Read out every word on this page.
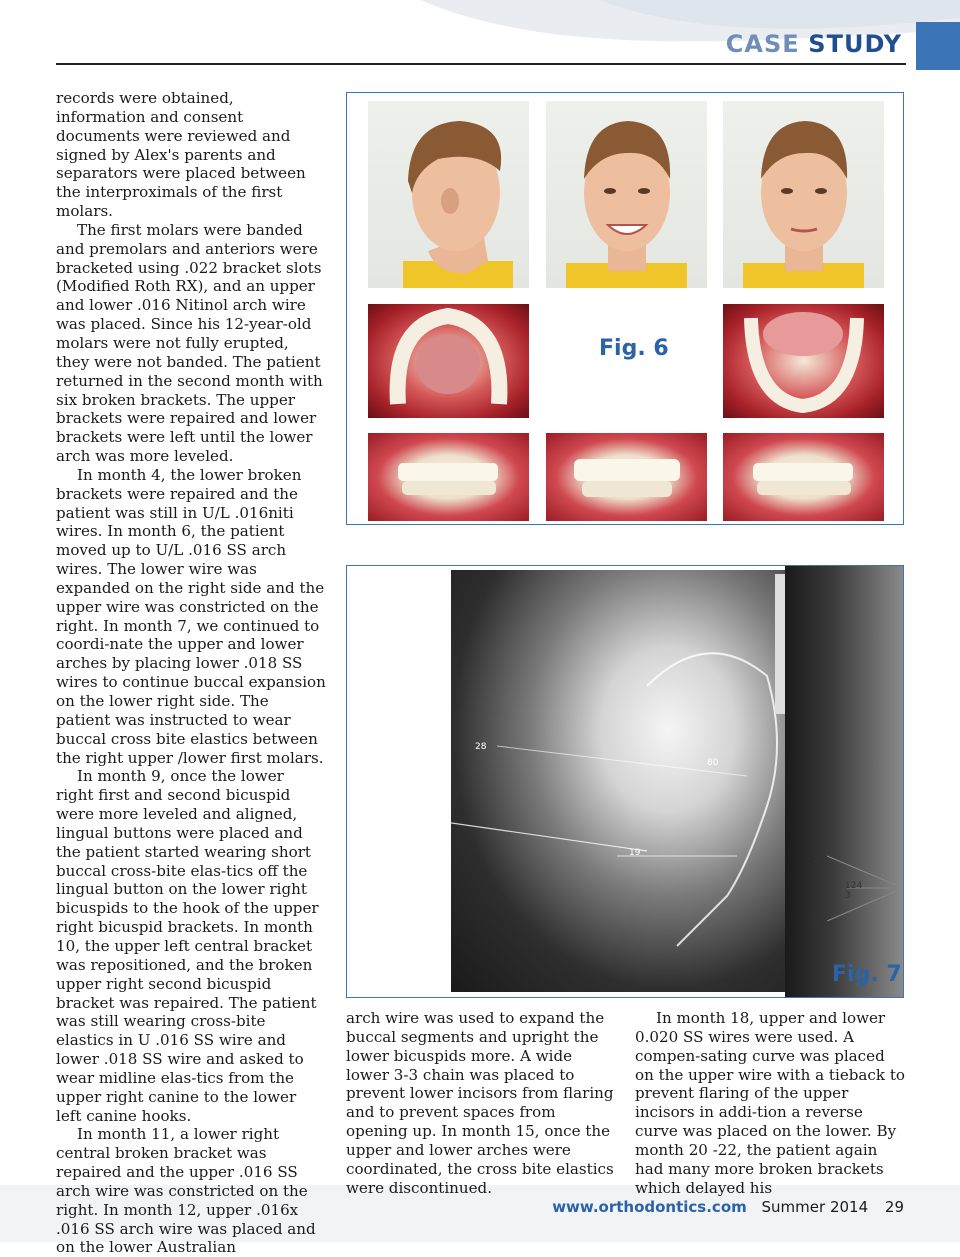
CASE STUDY

records were obtained, information and consent documents were reviewed and signed by Alex's parents and separators were placed between the interproximals of the first molars.

The first molars were banded and premolars and anteriors were bracketed using .022 bracket slots (Modified Roth RX), and an upper and lower .016 Nitinol arch wire was placed. Since his 12-year-old molars were not fully erupted, they were not banded. The patient returned in the second month with six broken brackets. The upper brackets were repaired and lower brackets were left until the lower arch was more leveled.

In month 4, the lower broken brackets were repaired and the patient was still in U/L .016niti wires. In month 6, the patient moved up to U/L .016 SS arch wires. The lower wire was expanded on the right side and the upper wire was constricted on the right. In month 7, we continued to coordi-nate the upper and lower arches by placing lower .018 SS wires to continue buccal expansion on the lower right side. The patient was instructed to wear buccal cross bite elastics between the right upper /lower first molars.

In month 9, once the lower right first and second bicuspid were more leveled and aligned, lingual buttons were placed and the patient started wearing short buccal cross-bite elas-tics off the lingual button on the lower right bicuspids to the hook of the upper right bicuspid brackets. In month 10, the upper left central bracket was repositioned, and the broken upper right second bicuspid bracket was repaired. The patient was still wearing cross-bite elastics in U .016 SS wire and lower .018 SS wire and asked to wear midline elas-tics from the upper right canine to the lower left canine hooks.

In month 11, a lower right central broken bracket was repaired and the upper .016 SS arch wire was constricted on the right. In month 12, upper .016x .016 SS arch wire was placed and on the lower Australian

arch wire was used to expand the buccal segments and upright the lower bicuspids more. A wide lower 3-3 chain was placed to prevent lower incisors from flaring and to prevent spaces from opening up. In month 15, once the upper and lower arches were coordinated, the cross bite elastics were discontinued.

In month 18, upper and lower 0.020 SS wires were used. A compen-sating curve was placed on the upper wire with a tieback to prevent flaring of the upper incisors in addi-tion a reverse curve was placed on the lower. By month 20 -22, the patient again had many more broken brackets which delayed his

Fig. 6
28
80
19
3
20
124
3
12
6
Fig. 7
www.orthodontics.com Summer 2014 29
